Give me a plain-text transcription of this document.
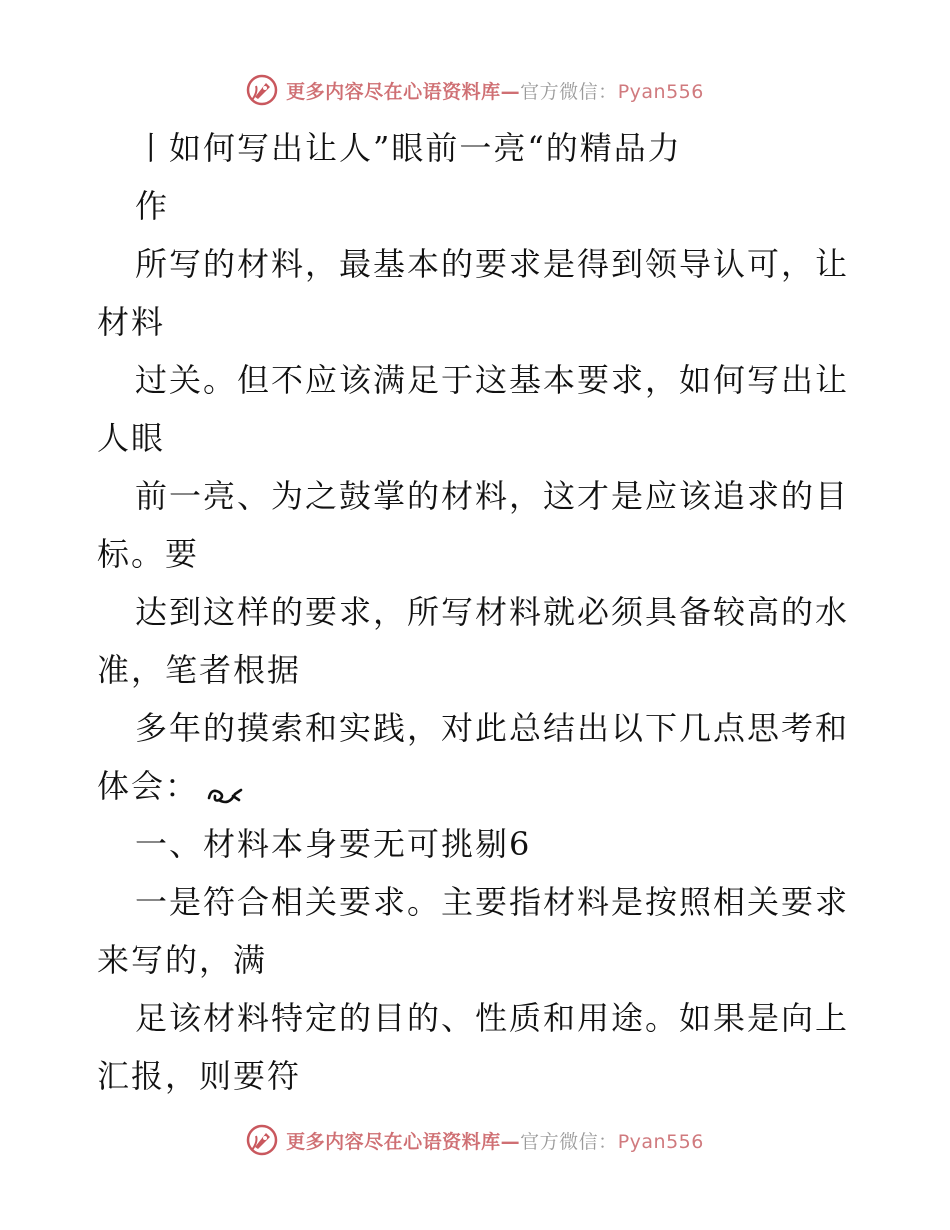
更多内容尽在心语资料库—官方微信：Pyan556
丨如何写出让人”眼前一亮“的精品力
作
所写的材料，最基本的要求是得到领导认可，让
材料
过关。但不应该满足于这基本要求，如何写出让
人眼
前一亮、为之鼓掌的材料，这才是应该追求的目
标。要
达到这样的要求，所写材料就必须具备较高的水
准，笔者根据
多年的摸索和实践，对此总结出以下几点思考和
体会：
一、材料本身要无可挑剔6
一是符合相关要求。主要指材料是按照相关要求
来写的，满
足该材料特定的目的、性质和用途。如果是向上
汇报，则要符
更多内容尽在心语资料库—官方微信：Pyan556
